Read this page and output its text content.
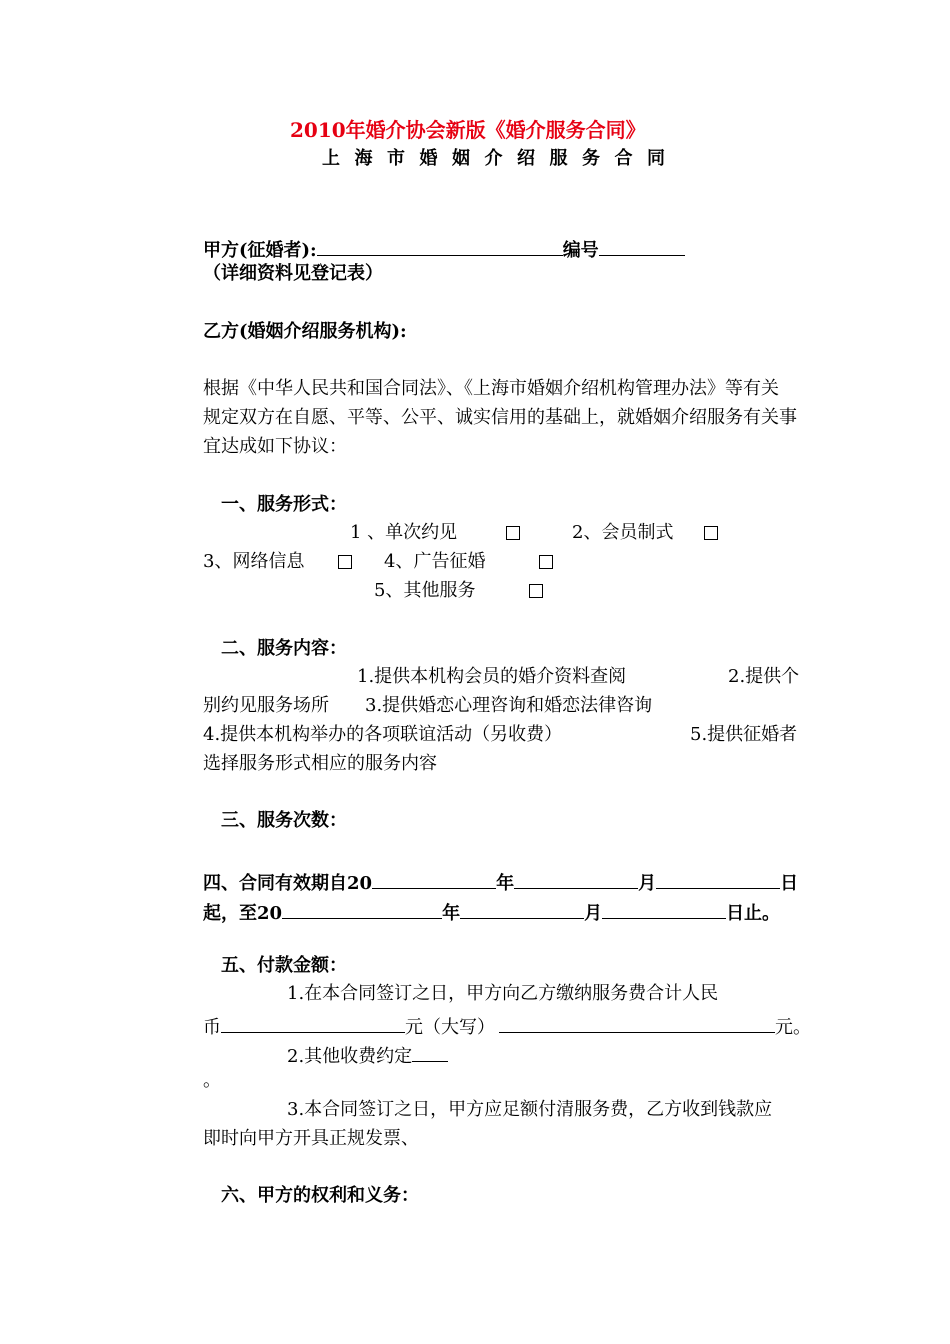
2010年婚介协会新版《婚介服务合同》
上海市婚姻介绍服务合同
甲方(征婚者):	编号
（详细资料见登记表）
乙方(婚姻介绍服务机构):
根据《中华人民共和国合同法》、《上海市婚姻介绍机构管理办法》等有关
规定双方在自愿、平等、公平、诚实信用的基础上，就婚姻介绍服务有关事
宜达成如下协议：
一、服务形式：
1 、单次约见	2、会员制式
3、网络信息	4、广告征婚
5、其他服务
二、服务内容：
1.提供本机构会员的婚介资料查阅	2.提供个
别约见服务场所 3.提供婚恋心理咨询和婚恋法律咨询
4.提供本机构举办的各项联谊活动（另收费）	5.提供征婚者
选择服务形式相应的服务内容
三、服务次数：
四、合同有效期自20	年	月	日
起，至20	年	月	日止。
五、付款金额：
1.在本合同签订之日，甲方向乙方缴纳服务费合计人民
币	元（大写）	元。
2.其他收费约定
。
3.本合同签订之日，甲方应足额付清服务费，乙方收到钱款应
即时向甲方开具正规发票、
六、甲方的权利和义务：
